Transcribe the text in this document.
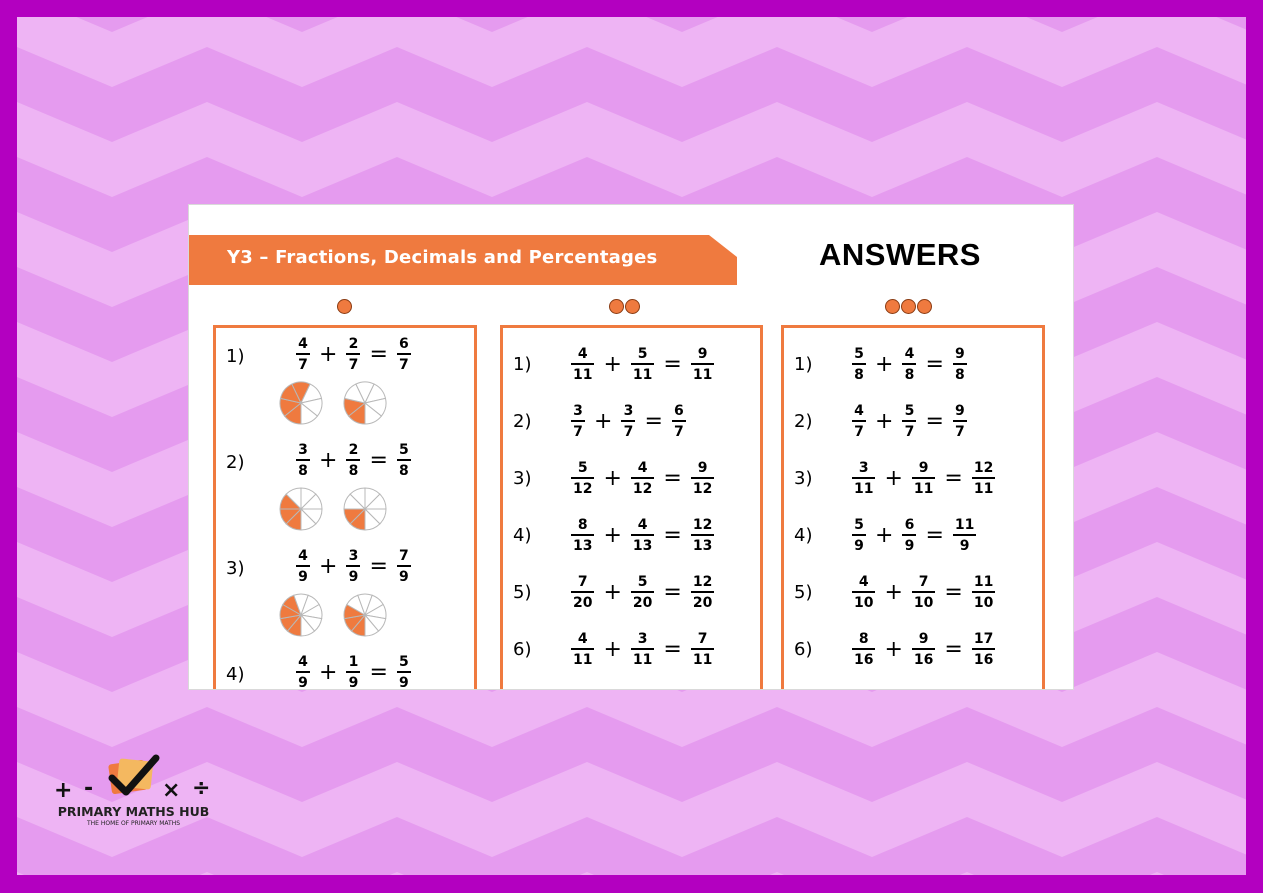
Y3 – Fractions, Decimals and Percentages	ANSWERS
1)	$\frac{4}{7} + \frac{2}{7} = \frac{6}{7}$
2)	$\frac{3}{8} + \frac{2}{8} = \frac{5}{8}$
3)	$\frac{4}{9} + \frac{3}{9} = \frac{7}{9}$
4)	$\frac{4}{9} + \frac{1}{9} = \frac{5}{9}$
1)	$\frac{4}{11} + \frac{5}{11} = \frac{9}{11}$
2)	$\frac{3}{7} + \frac{3}{7} = \frac{6}{7}$
3)	$\frac{5}{12} + \frac{4}{12} = \frac{9}{12}$
4)	$\frac{8}{13} + \frac{4}{13} = \frac{12}{13}$
5)	$\frac{7}{20} + \frac{5}{20} = \frac{12}{20}$
6)	$\frac{4}{11} + \frac{3}{11} = \frac{7}{11}$
1)	$\frac{5}{8} + \frac{4}{8} = \frac{9}{8}$
2)	$\frac{4}{7} + \frac{5}{7} = \frac{9}{7}$
3)	$\frac{3}{11} + \frac{9}{11} = \frac{12}{11}$
4)	$\frac{5}{9} + \frac{6}{9} = \frac{11}{9}$
5)	$\frac{4}{10} + \frac{7}{10} = \frac{11}{10}$
6)	$\frac{8}{16} + \frac{9}{16} = \frac{17}{16}$
+ -	× ÷
PRIMARY MATHS HUB
THE HOME OF PRIMARY MATHS
